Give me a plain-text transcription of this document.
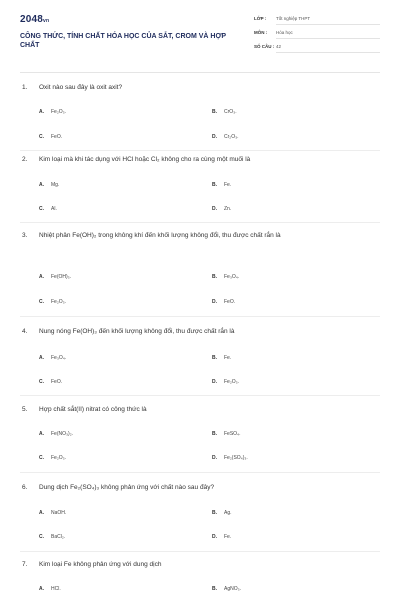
2048vn
CÔNG THỨC, TÍNH CHẤT HÓA HỌC CỦA SẮT, CROM VÀ HỢP CHẤT
LỚP : Tốt nghiệp THPT
MÔN : Hóa học
SỐ CÂU : 42
1. Oxit nào sau đây là oxit axit?
A. Fe₂O₃.	B. CrO₃.
C. FeO.	D. Cr₂O₃.
2. Kim loại mà khi tác dụng với HCl hoặc Cl₂ không cho ra cùng một muối là
A. Mg.	B. Fe.
C. Al.	D. Zn.
3. Nhiệt phân Fe(OH)₂ trong không khí đến khối lượng không đổi, thu được chất rắn là
A. Fe(OH)₃.	B. Fe₃O₄.
C. Fe₂O₃.	D. FeO.
4. Nung nóng Fe(OH)₃ đến khối lượng không đổi, thu được chất rắn là
A. Fe₃O₄.	B. Fe.
C. FeO.	D. Fe₂O₃.
5. Hợp chất sắt(II) nitrat có công thức là
A. Fe(NO₃)₂.	B. FeSO₄.
C. Fe₂O₃.	D. Fe₂(SO₄)₃.
6. Dung dịch Fe₂(SO₄)₃ không phản ứng với chất nào sau đây?
A. NaOH.	B. Ag.
C. BaCl₂.	D. Fe.
7. Kim loại Fe không phản ứng với dung dịch
A. HCl.	B. AgNO₃.
